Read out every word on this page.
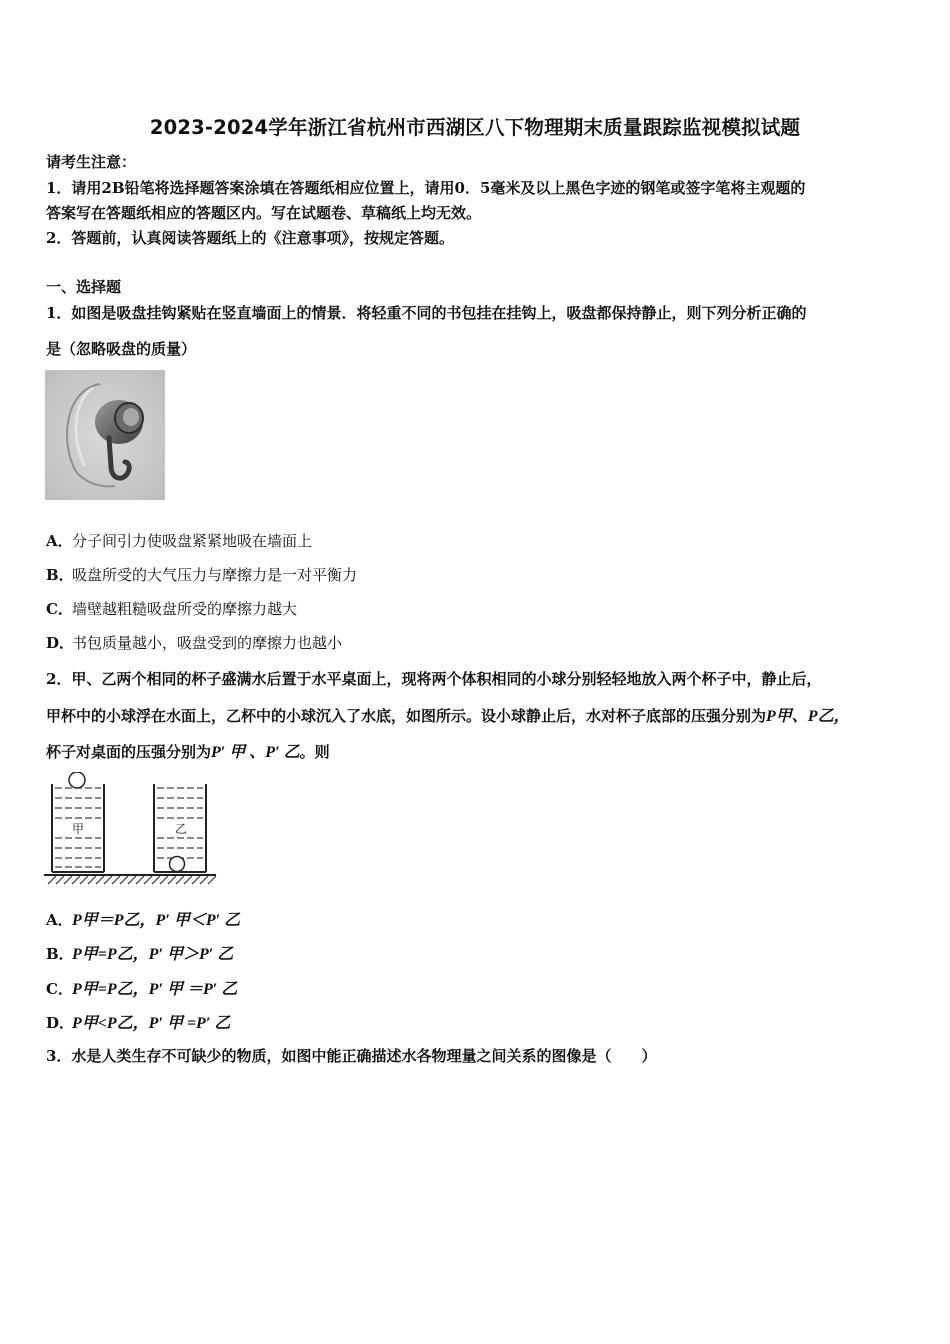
2023-2024学年浙江省杭州市西湖区八下物理期末质量跟踪监视模拟试题
请考生注意：
1．请用2B铅笔将选择题答案涂填在答题纸相应位置上，请用0．5毫米及以上黑色字迹的钢笔或签字笔将主观题的
答案写在答题纸相应的答题区内。写在试题卷、草稿纸上均无效。
2．答题前，认真阅读答题纸上的《注意事项》，按规定答题。
一、选择题
1．如图是吸盘挂钩紧贴在竖直墙面上的情景．将轻重不同的书包挂在挂钩上，吸盘都保持静止，则下列分析正确的
是（忽略吸盘的质量）
A．分子间引力使吸盘紧紧地吸在墙面上
B．吸盘所受的大气压力与摩擦力是一对平衡力
C．墙壁越粗糙吸盘所受的摩擦力越大
D．书包质量越小，吸盘受到的摩擦力也越小
2．甲、乙两个相同的杯子盛满水后置于水平桌面上，现将两个体积相同的小球分别轻轻地放入两个杯子中，静止后，
甲杯中的小球浮在水面上，乙杯中的小球沉入了水底，如图所示。设小球静止后，水对杯子底部的压强分别为P甲、P乙，
杯子对桌面的压强分别为P′ 甲 、P′ 乙。则
甲	乙
A．P甲＝P乙，P′ 甲＜P′ 乙
B．P甲=P乙，P′ 甲＞P′ 乙
C．P甲=P乙，P′ 甲 ＝P′ 乙
D．P甲<P乙，P′ 甲 =P′ 乙
3．水是人类生存不可缺少的物质，如图中能正确描述水各物理量之间关系的图像是（　　）
